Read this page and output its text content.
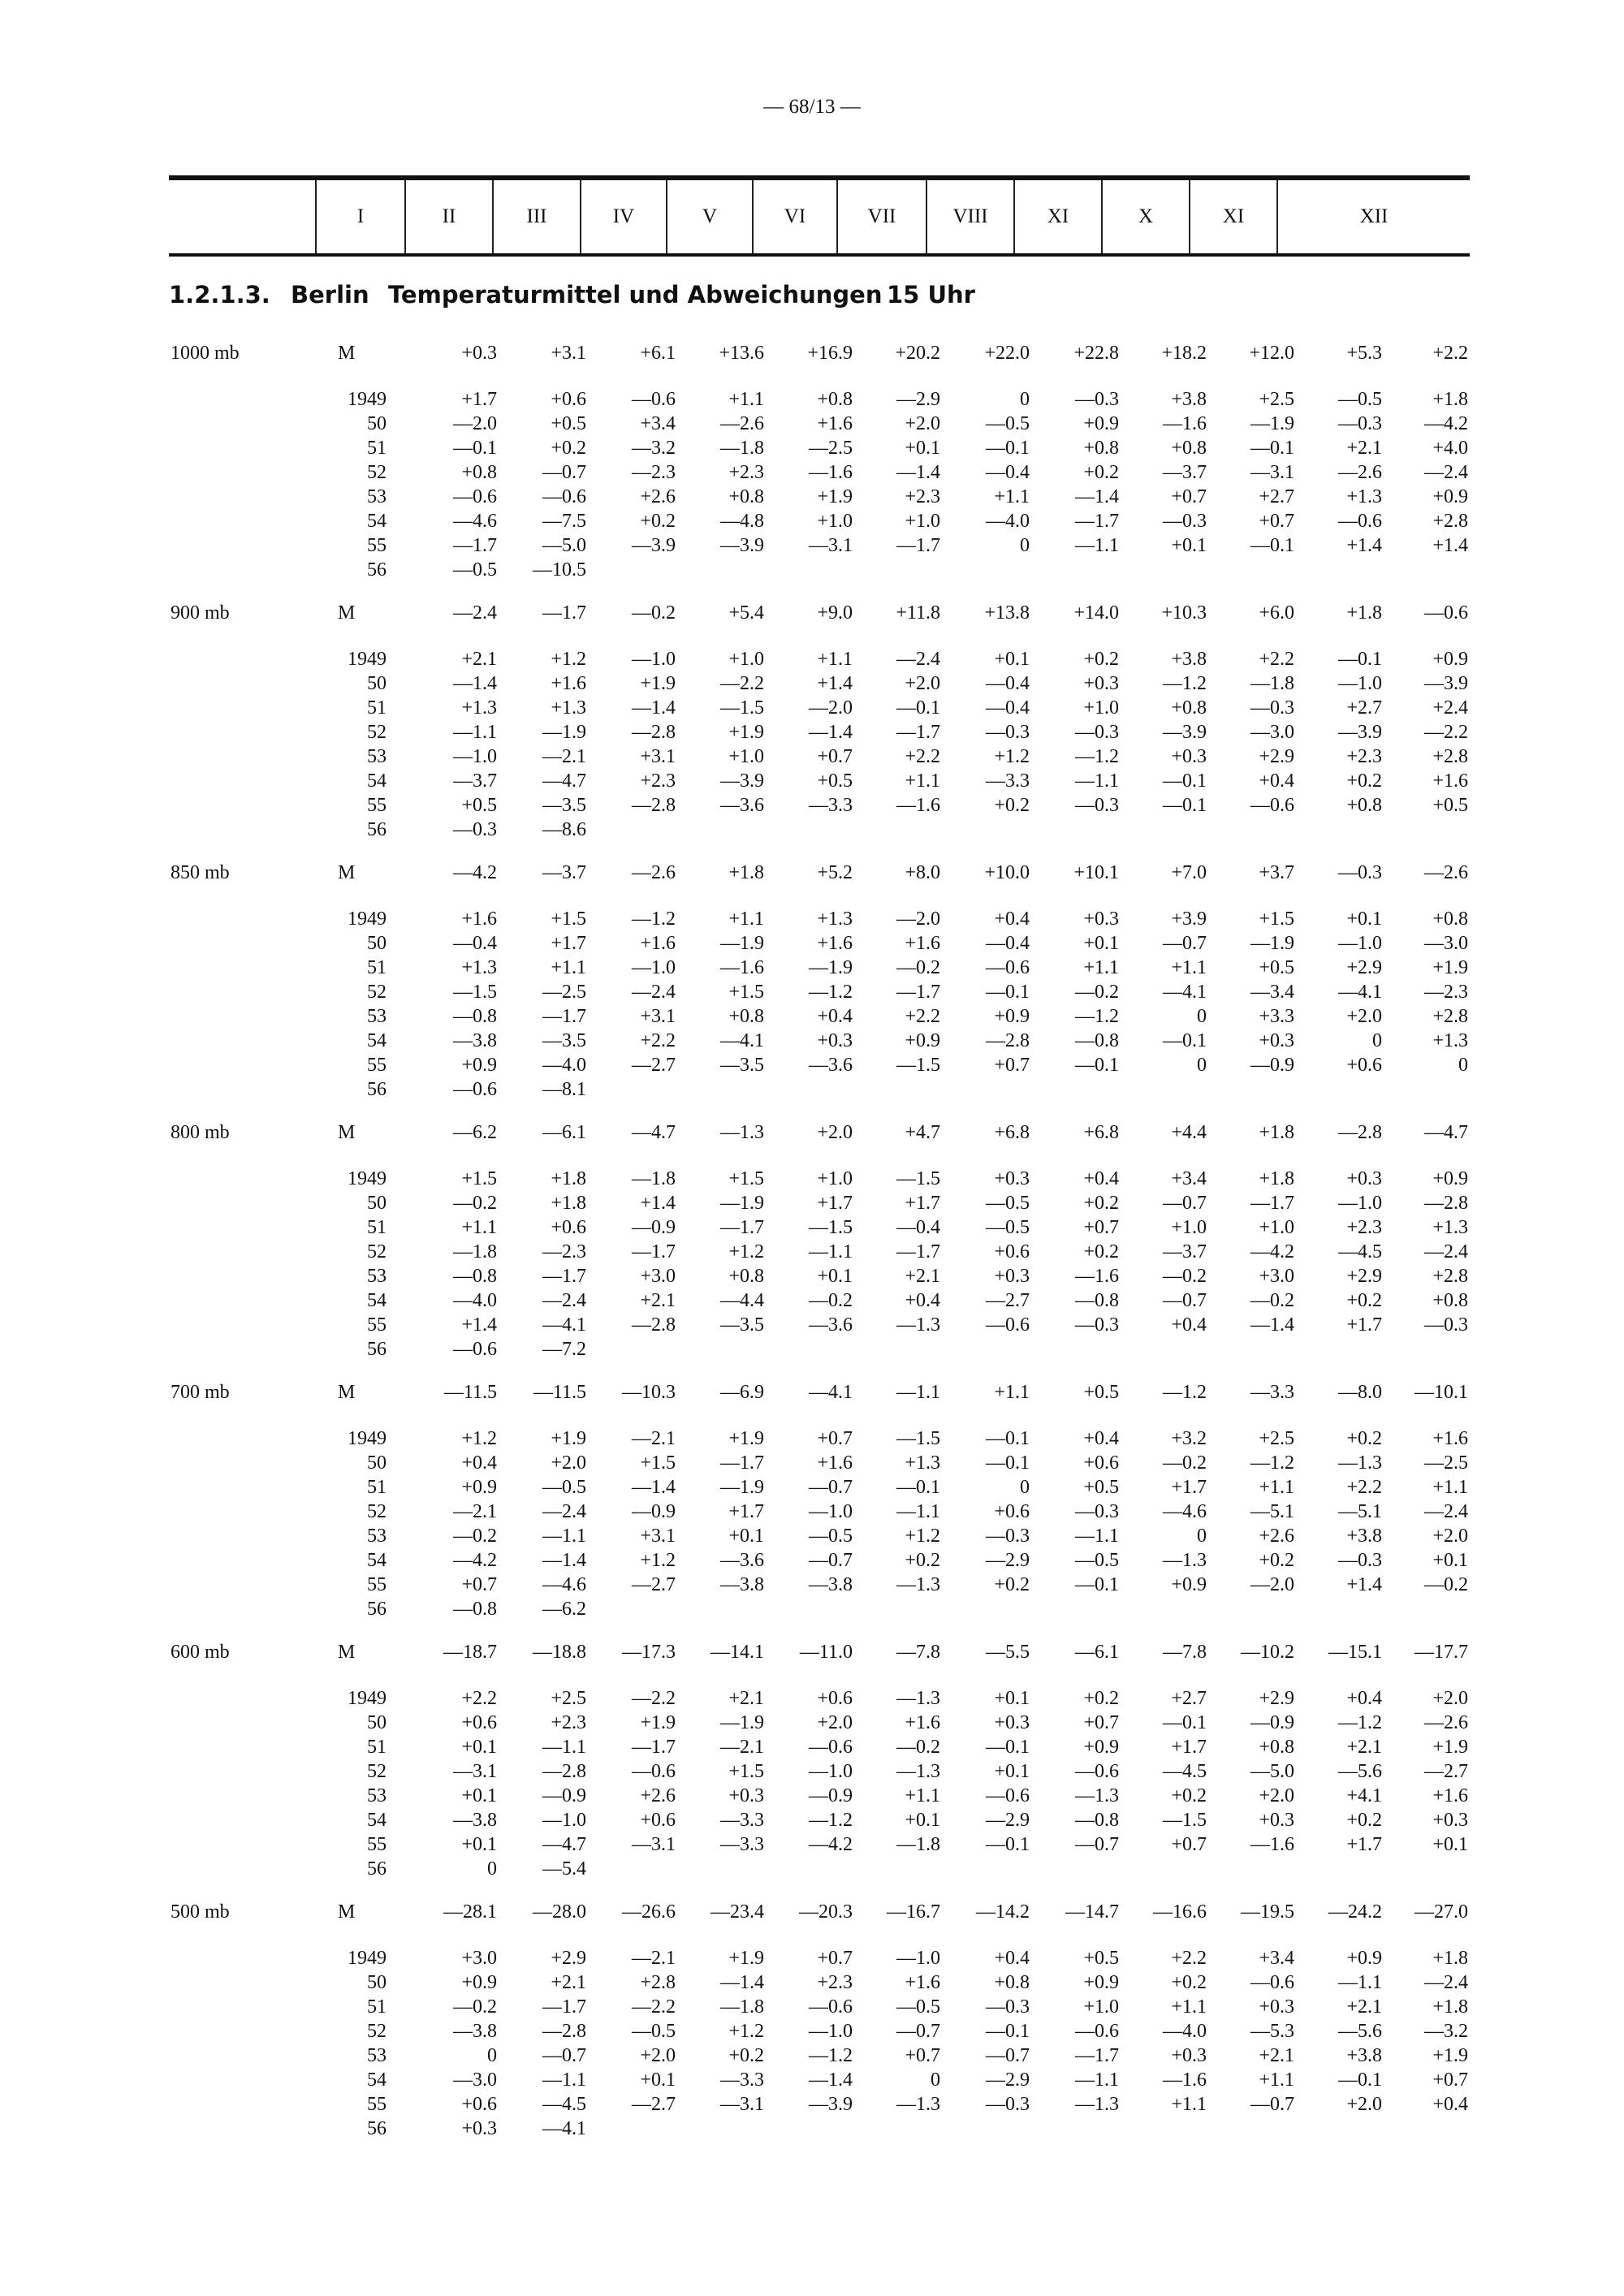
— 68/13 —
I	II	III	IV	V	VI	VII	VIII	XI	X	XI	XII
1.2.1.3. Berlin Temperaturmittel und Abweichungen 15 Uhr
1000 mb	M	+0.3	+3.1	+6.1	+13.6	+16.9	+20.2	+22.0	+22.8	+18.2	+12.0	+5.3	+2.2
1949	+1.7	+0.6	—0.6	+1.1	+0.8	—2.9	0	—0.3	+3.8	+2.5	—0.5	+1.8
50	—2.0	+0.5	+3.4	—2.6	+1.6	+2.0	—0.5	+0.9	—1.6	—1.9	—0.3	—4.2
51	—0.1	+0.2	—3.2	—1.8	—2.5	+0.1	—0.1	+0.8	+0.8	—0.1	+2.1	+4.0
52	+0.8	—0.7	—2.3	+2.3	—1.6	—1.4	—0.4	+0.2	—3.7	—3.1	—2.6	—2.4
53	—0.6	—0.6	+2.6	+0.8	+1.9	+2.3	+1.1	—1.4	+0.7	+2.7	+1.3	+0.9
54	—4.6	—7.5	+0.2	—4.8	+1.0	+1.0	—4.0	—1.7	—0.3	+0.7	—0.6	+2.8
55	—1.7	—5.0	—3.9	—3.9	—3.1	—1.7	0	—1.1	+0.1	—0.1	+1.4	+1.4
56	—0.5	—10.5
900 mb	M	—2.4	—1.7	—0.2	+5.4	+9.0	+11.8	+13.8	+14.0	+10.3	+6.0	+1.8	—0.6
1949	+2.1	+1.2	—1.0	+1.0	+1.1	—2.4	+0.1	+0.2	+3.8	+2.2	—0.1	+0.9
50	—1.4	+1.6	+1.9	—2.2	+1.4	+2.0	—0.4	+0.3	—1.2	—1.8	—1.0	—3.9
51	+1.3	+1.3	—1.4	—1.5	—2.0	—0.1	—0.4	+1.0	+0.8	—0.3	+2.7	+2.4
52	—1.1	—1.9	—2.8	+1.9	—1.4	—1.7	—0.3	—0.3	—3.9	—3.0	—3.9	—2.2
53	—1.0	—2.1	+3.1	+1.0	+0.7	+2.2	+1.2	—1.2	+0.3	+2.9	+2.3	+2.8
54	—3.7	—4.7	+2.3	—3.9	+0.5	+1.1	—3.3	—1.1	—0.1	+0.4	+0.2	+1.6
55	+0.5	—3.5	—2.8	—3.6	—3.3	—1.6	+0.2	—0.3	—0.1	—0.6	+0.8	+0.5
56	—0.3	—8.6
850 mb	M	—4.2	—3.7	—2.6	+1.8	+5.2	+8.0	+10.0	+10.1	+7.0	+3.7	—0.3	—2.6
1949	+1.6	+1.5	—1.2	+1.1	+1.3	—2.0	+0.4	+0.3	+3.9	+1.5	+0.1	+0.8
50	—0.4	+1.7	+1.6	—1.9	+1.6	+1.6	—0.4	+0.1	—0.7	—1.9	—1.0	—3.0
51	+1.3	+1.1	—1.0	—1.6	—1.9	—0.2	—0.6	+1.1	+1.1	+0.5	+2.9	+1.9
52	—1.5	—2.5	—2.4	+1.5	—1.2	—1.7	—0.1	—0.2	—4.1	—3.4	—4.1	—2.3
53	—0.8	—1.7	+3.1	+0.8	+0.4	+2.2	+0.9	—1.2	0	+3.3	+2.0	+2.8
54	—3.8	—3.5	+2.2	—4.1	+0.3	+0.9	—2.8	—0.8	—0.1	+0.3	0	+1.3
55	+0.9	—4.0	—2.7	—3.5	—3.6	—1.5	+0.7	—0.1	0	—0.9	+0.6	0
56	—0.6	—8.1
800 mb	M	—6.2	—6.1	—4.7	—1.3	+2.0	+4.7	+6.8	+6.8	+4.4	+1.8	—2.8	—4.7
1949	+1.5	+1.8	—1.8	+1.5	+1.0	—1.5	+0.3	+0.4	+3.4	+1.8	+0.3	+0.9
50	—0.2	+1.8	+1.4	—1.9	+1.7	+1.7	—0.5	+0.2	—0.7	—1.7	—1.0	—2.8
51	+1.1	+0.6	—0.9	—1.7	—1.5	—0.4	—0.5	+0.7	+1.0	+1.0	+2.3	+1.3
52	—1.8	—2.3	—1.7	+1.2	—1.1	—1.7	+0.6	+0.2	—3.7	—4.2	—4.5	—2.4
53	—0.8	—1.7	+3.0	+0.8	+0.1	+2.1	+0.3	—1.6	—0.2	+3.0	+2.9	+2.8
54	—4.0	—2.4	+2.1	—4.4	—0.2	+0.4	—2.7	—0.8	—0.7	—0.2	+0.2	+0.8
55	+1.4	—4.1	—2.8	—3.5	—3.6	—1.3	—0.6	—0.3	+0.4	—1.4	+1.7	—0.3
56	—0.6	—7.2
700 mb	M	—11.5	—11.5	—10.3	—6.9	—4.1	—1.1	+1.1	+0.5	—1.2	—3.3	—8.0	—10.1
1949	+1.2	+1.9	—2.1	+1.9	+0.7	—1.5	—0.1	+0.4	+3.2	+2.5	+0.2	+1.6
50	+0.4	+2.0	+1.5	—1.7	+1.6	+1.3	—0.1	+0.6	—0.2	—1.2	—1.3	—2.5
51	+0.9	—0.5	—1.4	—1.9	—0.7	—0.1	0	+0.5	+1.7	+1.1	+2.2	+1.1
52	—2.1	—2.4	—0.9	+1.7	—1.0	—1.1	+0.6	—0.3	—4.6	—5.1	—5.1	—2.4
53	—0.2	—1.1	+3.1	+0.1	—0.5	+1.2	—0.3	—1.1	0	+2.6	+3.8	+2.0
54	—4.2	—1.4	+1.2	—3.6	—0.7	+0.2	—2.9	—0.5	—1.3	+0.2	—0.3	+0.1
55	+0.7	—4.6	—2.7	—3.8	—3.8	—1.3	+0.2	—0.1	+0.9	—2.0	+1.4	—0.2
56	—0.8	—6.2
600 mb	M	—18.7	—18.8	—17.3	—14.1	—11.0	—7.8	—5.5	—6.1	—7.8	—10.2	—15.1	—17.7
1949	+2.2	+2.5	—2.2	+2.1	+0.6	—1.3	+0.1	+0.2	+2.7	+2.9	+0.4	+2.0
50	+0.6	+2.3	+1.9	—1.9	+2.0	+1.6	+0.3	+0.7	—0.1	—0.9	—1.2	—2.6
51	+0.1	—1.1	—1.7	—2.1	—0.6	—0.2	—0.1	+0.9	+1.7	+0.8	+2.1	+1.9
52	—3.1	—2.8	—0.6	+1.5	—1.0	—1.3	+0.1	—0.6	—4.5	—5.0	—5.6	—2.7
53	+0.1	—0.9	+2.6	+0.3	—0.9	+1.1	—0.6	—1.3	+0.2	+2.0	+4.1	+1.6
54	—3.8	—1.0	+0.6	—3.3	—1.2	+0.1	—2.9	—0.8	—1.5	+0.3	+0.2	+0.3
55	+0.1	—4.7	—3.1	—3.3	—4.2	—1.8	—0.1	—0.7	+0.7	—1.6	+1.7	+0.1
56	0	—5.4
500 mb	M	—28.1	—28.0	—26.6	—23.4	—20.3	—16.7	—14.2	—14.7	—16.6	—19.5	—24.2	—27.0
1949	+3.0	+2.9	—2.1	+1.9	+0.7	—1.0	+0.4	+0.5	+2.2	+3.4	+0.9	+1.8
50	+0.9	+2.1	+2.8	—1.4	+2.3	+1.6	+0.8	+0.9	+0.2	—0.6	—1.1	—2.4
51	—0.2	—1.7	—2.2	—1.8	—0.6	—0.5	—0.3	+1.0	+1.1	+0.3	+2.1	+1.8
52	—3.8	—2.8	—0.5	+1.2	—1.0	—0.7	—0.1	—0.6	—4.0	—5.3	—5.6	—3.2
53	0	—0.7	+2.0	+0.2	—1.2	+0.7	—0.7	—1.7	+0.3	+2.1	+3.8	+1.9
54	—3.0	—1.1	+0.1	—3.3	—1.4	0	—2.9	—1.1	—1.6	+1.1	—0.1	+0.7
55	+0.6	—4.5	—2.7	—3.1	—3.9	—1.3	—0.3	—1.3	+1.1	—0.7	+2.0	+0.4
56	+0.3	—4.1
